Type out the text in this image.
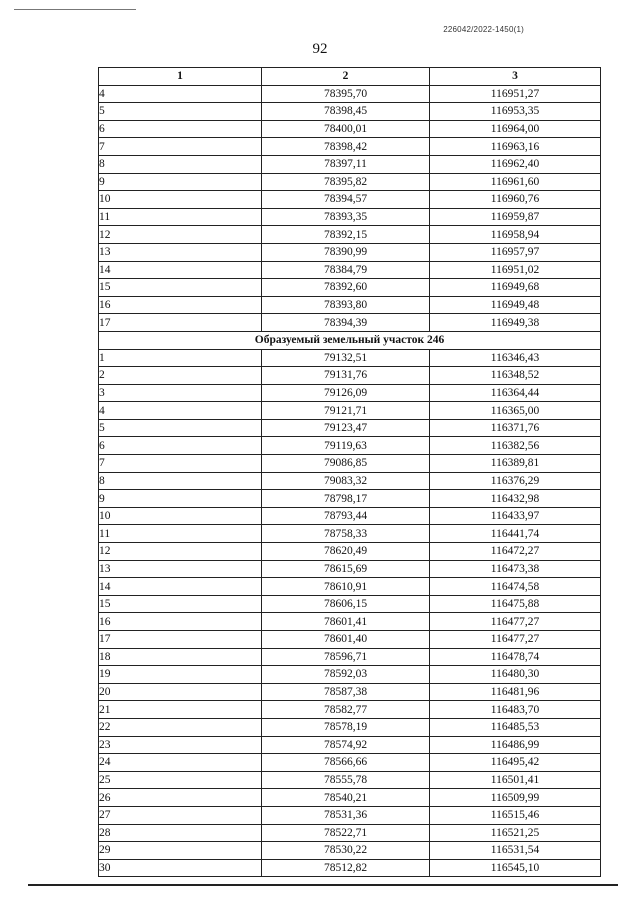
226042/2022-1450(1)
92
1	2	3
4	78395,70	116951,27
5	78398,45	116953,35
6	78400,01	116964,00
7	78398,42	116963,16
8	78397,11	116962,40
9	78395,82	116961,60
10	78394,57	116960,76
11	78393,35	116959,87
12	78392,15	116958,94
13	78390,99	116957,97
14	78384,79	116951,02
15	78392,60	116949,68
16	78393,80	116949,48
17	78394,39	116949,38
Образуемый земельный участок 246		
1	79132,51	116346,43
2	79131,76	116348,52
3	79126,09	116364,44
4	79121,71	116365,00
5	79123,47	116371,76
6	79119,63	116382,56
7	79086,85	116389,81
8	79083,32	116376,29
9	78798,17	116432,98
10	78793,44	116433,97
11	78758,33	116441,74
12	78620,49	116472,27
13	78615,69	116473,38
14	78610,91	116474,58
15	78606,15	116475,88
16	78601,41	116477,27
17	78601,40	116477,27
18	78596,71	116478,74
19	78592,03	116480,30
20	78587,38	116481,96
21	78582,77	116483,70
22	78578,19	116485,53
23	78574,92	116486,99
24	78566,66	116495,42
25	78555,78	116501,41
26	78540,21	116509,99
27	78531,36	116515,46
28	78522,71	116521,25
29	78530,22	116531,54
30	78512,82	116545,10
